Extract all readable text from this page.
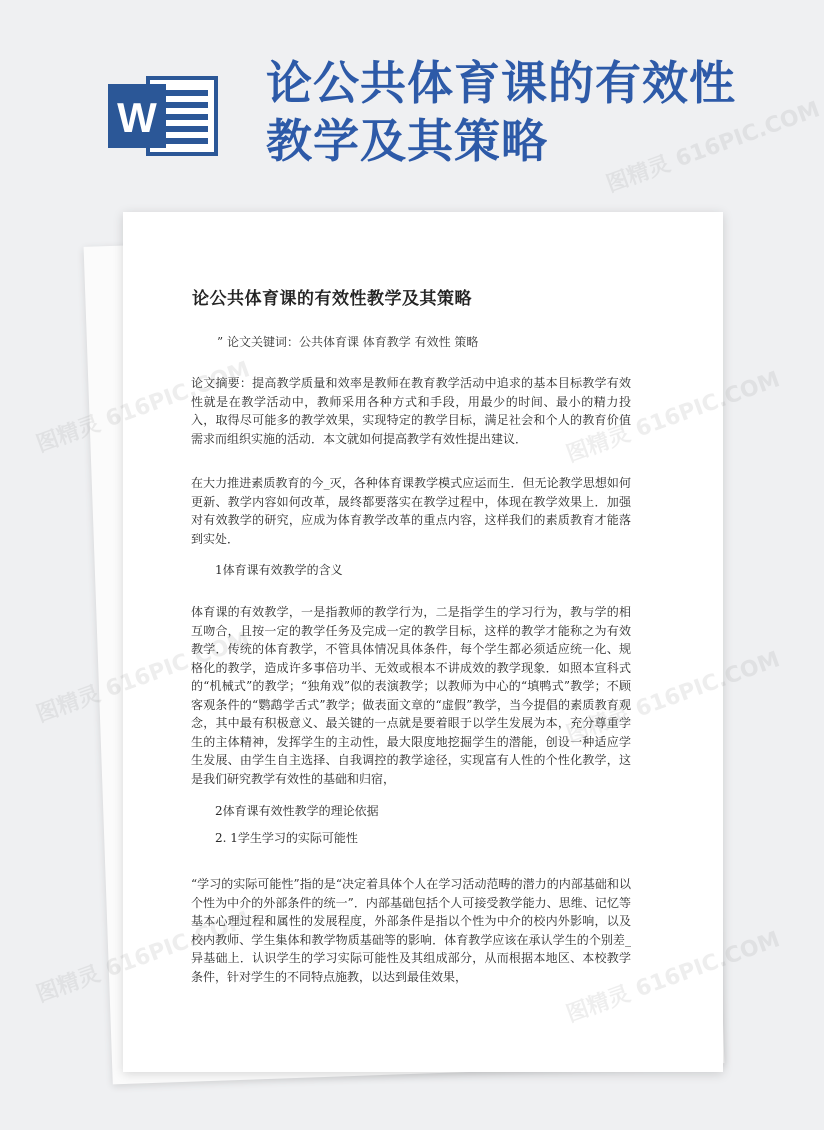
W
论公共体育课的有效性
教学及其策略
论公共体育课的有效性教学及其策略
” 论文关键词：公共体育课 体育教学 有效性 策略

论文摘要：提高教学质量和效率是教师在教育教学活动中追求的基本目标教学有效性就是在教学活动中，教师采用各种方式和手段，用最少的时间、最小的精力投入，取得尽可能多的教学效果，实现特定的教学目标，满足社会和个人的教育价值需求而组织实施的活动．本文就如何提高教学有效性提出建议．

在大力推进素质教育的今_灭，各种体育课教学模式应运而生．但无论教学思想如何更新、教学内容如何改革，晟终都要落实在教学过程中，体现在教学效果上．加强对有效教学的研究，应成为体育教学改革的重点内容，这样我们的素质教育才能落到实处．

1体育课有效教学的含义

体育课的有效教学，一是指教师的教学行为，二是指学生的学习行为，教与学的相互吻合，且按一定的教学任务及完成一定的教学目标，这样的教学才能称之为有效教学．传统的体育教学，不管具体情况具体条件，每个学生都必须适应统一化、规格化的教学，造成许多事倍功半、无效或根本不讲成效的教学现象．如照本宣科式的“机械式”的教学；“独角戏”似的表演教学；以教师为中心的“填鸭式”教学；不顾客观条件的“鹦鹉学舌式”教学；做表面文章的“虚假”教学，当今提倡的素质教育观念，其中最有积极意义、最关键的一点就是要着眼于以学生发展为本，充分尊重学生的主体精神，发挥学生的主动性，最大限度地挖掘学生的潜能，创设一种适应学生发展、由学生自主选择、自我调控的教学途径，实现富有人性的个性化教学，这是我们研究教学有效性的基础和归宿，

2体育课有效性教学的理论依据
2. 1学生学习的实际可能性

“学习的实际可能性”指的是“决定着具体个人在学习活动范畴的潜力的内部基础和以个性为中介的外部条件的统一”．内部基础包括个人可接受教学能力、思维、记忆等基本心理过程和属性的发展程度，外部条件是指以个性为中介的校内外影响，以及校内教师、学生集体和教学物质基础等的影响．体育教学应该在承认学生的个别差_异基础上．认识学生的学习实际可能性及其组成部分，从而根据本地区、本校教学条件，针对学生的不同特点施教，以达到最佳效果，

图精灵 616PIC.COM
图精灵
图精灵
图精灵
